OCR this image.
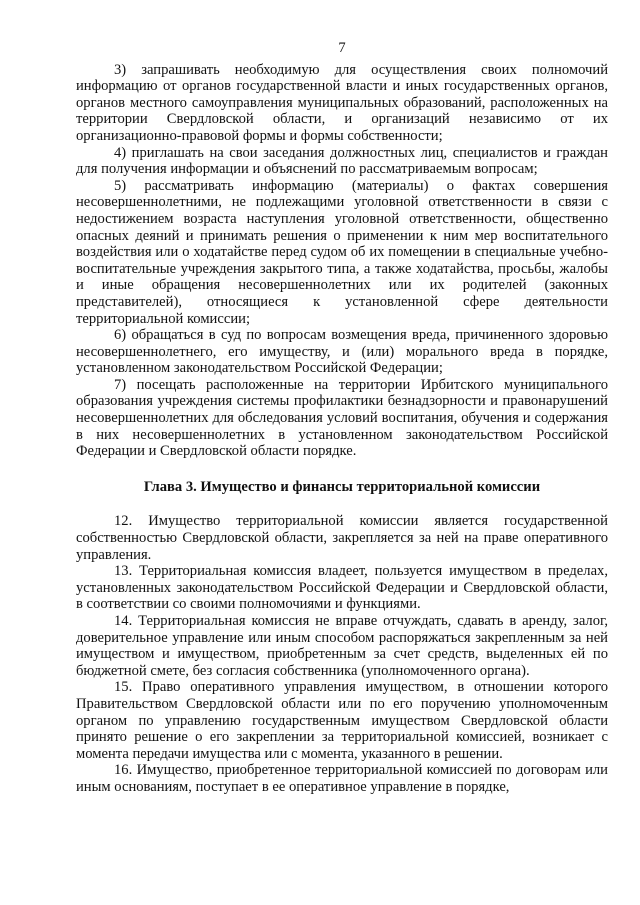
7

3) запрашивать необходимую для осуществления своих полномочий информацию от органов государственной власти и иных государственных органов, органов местного самоуправления муниципальных образований, расположенных на территории Свердловской области, и организаций независимо от их организационно-правовой формы и формы собственности;

4) приглашать на свои заседания должностных лиц, специалистов и граждан для получения информации и объяснений по рассматриваемым вопросам;

5) рассматривать информацию (материалы) о фактах совершения несовершеннолетними, не подлежащими уголовной ответственности в связи с недостижением возраста наступления уголовной ответственности, общественно опасных деяний и принимать решения о применении к ним мер воспитательного воздействия или о ходатайстве перед судом об их помещении в специальные учебно-воспитательные учреждения закрытого типа, а также ходатайства, просьбы, жалобы и иные обращения несовершеннолетних или их родителей (законных представителей), относящиеся к установленной сфере деятельности территориальной комиссии;

6) обращаться в суд по вопросам возмещения вреда, причиненного здоровью несовершеннолетнего, его имуществу, и (или) морального вреда в порядке, установленном законодательством Российской Федерации;

7) посещать расположенные на территории Ирбитского муниципального образования учреждения системы профилактики безнадзорности и правонарушений несовершеннолетних для обследования условий воспитания, обучения и содержания в них несовершеннолетних в установленном законодательством Российской Федерации и Свердловской области порядке.

Глава 3. Имущество и финансы территориальной комиссии

12. Имущество территориальной комиссии является государственной собственностью Свердловской области, закрепляется за ней на праве оперативного управления.

13. Территориальная комиссия владеет, пользуется имуществом в пределах, установленных законодательством Российской Федерации и Свердловской области, в соответствии со своими полномочиями и функциями.

14. Территориальная комиссия не вправе отчуждать, сдавать в аренду, залог, доверительное управление или иным способом распоряжаться закрепленным за ней имуществом и имуществом, приобретенным за счет средств, выделенных ей по бюджетной смете, без согласия собственника (уполномоченного органа).

15. Право оперативного управления имуществом, в отношении которого Правительством Свердловской области или по его поручению уполномоченным органом по управлению государственным имуществом Свердловской области принято решение о его закреплении за территориальной комиссией, возникает с момента передачи имущества или с момента, указанного в решении.

16. Имущество, приобретенное территориальной комиссией по договорам или иным основаниям, поступает в ее оперативное управление в порядке,
